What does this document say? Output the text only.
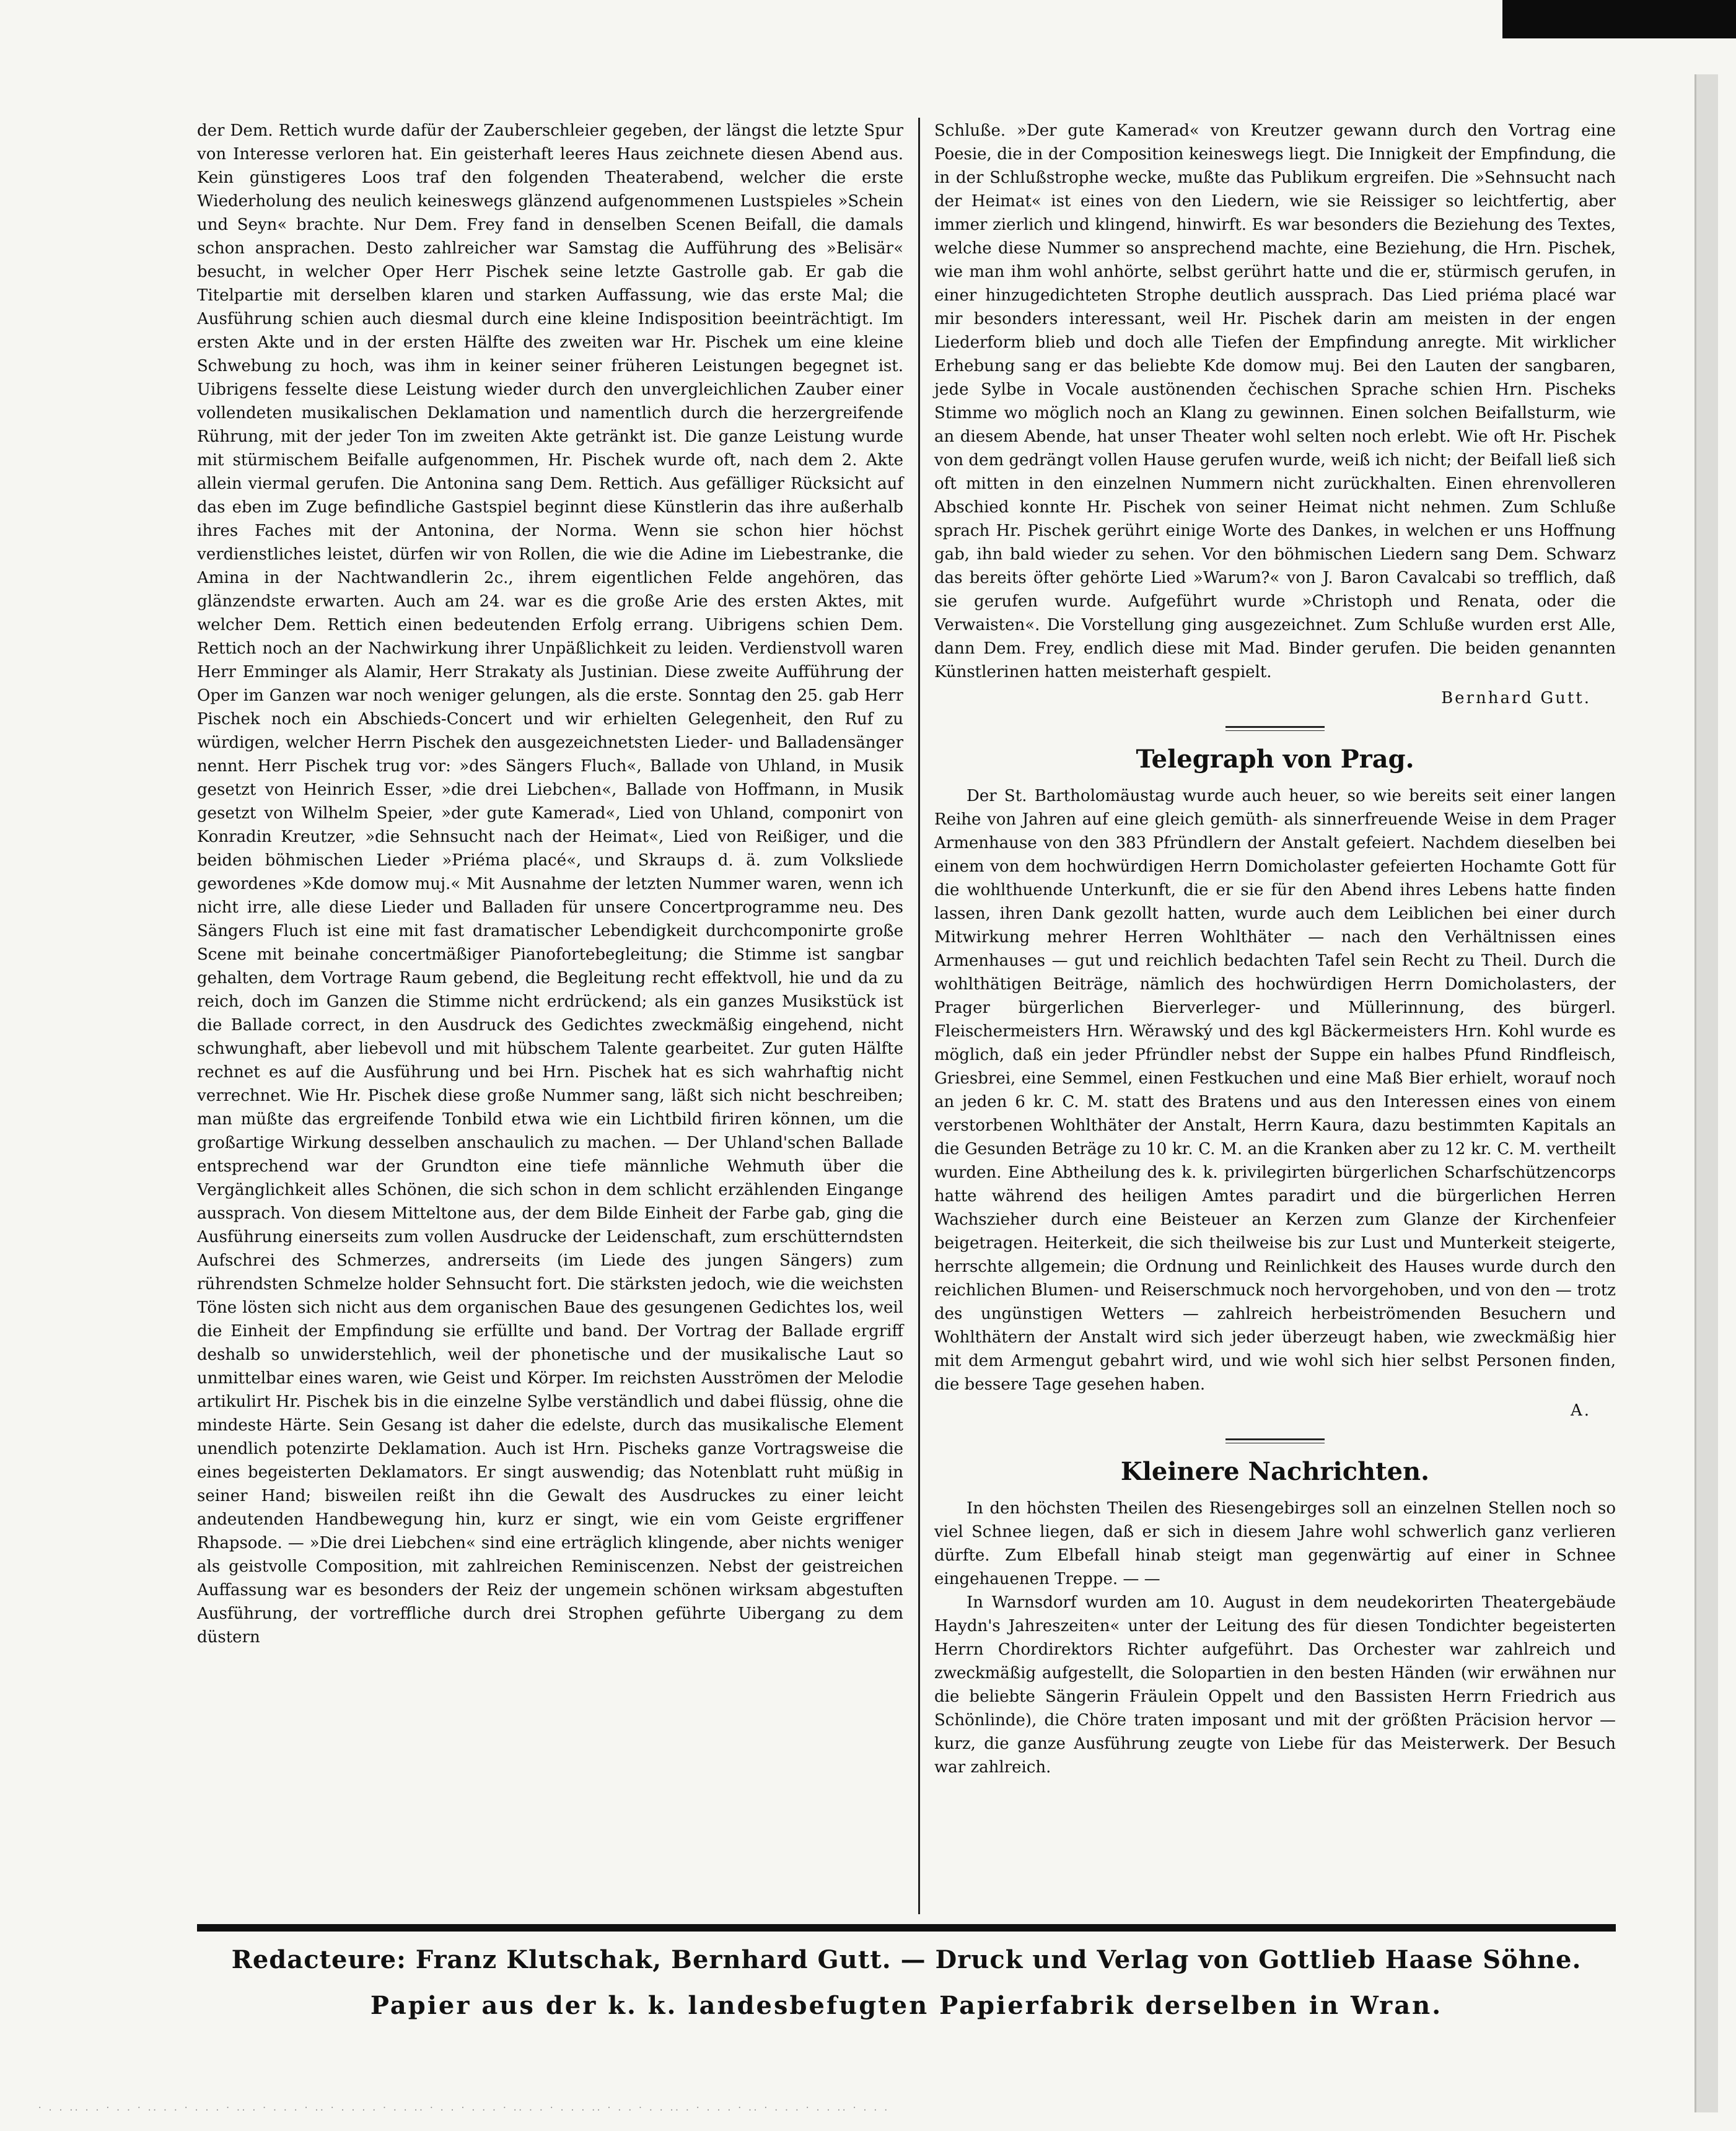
der Dem. Rettich wurde dafür der Zauberschleier gegeben, der längst die letzte Spur von Interesse verloren hat. Ein geisterhaft leeres Haus zeichnete diesen Abend aus. Kein günstigeres Loos traf den folgenden Theaterabend, welcher die erste Wiederholung des neulich keineswegs glänzend aufgenommenen Lustspieles »Schein und Seyn« brachte. Nur Dem. Frey fand in denselben Scenen Beifall, die damals schon ansprachen. Desto zahlreicher war Samstag die Aufführung des »Belisär« besucht, in welcher Oper Herr Pischek seine letzte Gastrolle gab. Er gab die Titelpartie mit derselben klaren und starken Auffassung, wie das erste Mal; die Ausführung schien auch diesmal durch eine kleine Indisposition beeinträchtigt. Im ersten Akte und in der ersten Hälfte des zweiten war Hr. Pischek um eine kleine Schwebung zu hoch, was ihm in keiner seiner früheren Leistungen begegnet ist. Uibrigens fesselte diese Leistung wieder durch den unvergleichlichen Zauber einer vollendeten musikalischen Deklamation und namentlich durch die herzergreifende Rührung, mit der jeder Ton im zweiten Akte getränkt ist. Die ganze Leistung wurde mit stürmischem Beifalle aufgenommen, Hr. Pischek wurde oft, nach dem 2. Akte allein viermal gerufen. Die Antonina sang Dem. Rettich. Aus gefälliger Rücksicht auf das eben im Zuge befindliche Gastspiel beginnt diese Künstlerin das ihre außerhalb ihres Faches mit der Antonina, der Norma. Wenn sie schon hier höchst verdienstliches leistet, dürfen wir von Rollen, die wie die Adine im Liebestranke, die Amina in der Nachtwandlerin 2c., ihrem eigentlichen Felde angehören, das glänzendste erwarten. Auch am 24. war es die große Arie des ersten Aktes, mit welcher Dem. Rettich einen bedeutenden Erfolg errang. Uibrigens schien Dem. Rettich noch an der Nachwirkung ihrer Unpäßlichkeit zu leiden. Verdienstvoll waren Herr Emminger als Alamir, Herr Strakaty als Justinian. Diese zweite Aufführung der Oper im Ganzen war noch weniger gelungen, als die erste. Sonntag den 25. gab Herr Pischek noch ein Abschieds-Concert und wir erhielten Gelegenheit, den Ruf zu würdigen, welcher Herrn Pischek den ausgezeichnetsten Lieder- und Balladensänger nennt. Herr Pischek trug vor: »des Sängers Fluch«, Ballade von Uhland, in Musik gesetzt von Heinrich Esser, »die drei Liebchen«, Ballade von Hoffmann, in Musik gesetzt von Wilhelm Speier, »der gute Kamerad«, Lied von Uhland, componirt von Konradin Kreutzer, »die Sehnsucht nach der Heimat«, Lied von Reißiger, und die beiden böhmischen Lieder »Priéma placé«, und Skraups d. ä. zum Volksliede gewordenes »Kde domow muj.« Mit Ausnahme der letzten Nummer waren, wenn ich nicht irre, alle diese Lieder und Balladen für unsere Concertprogramme neu. Des Sängers Fluch ist eine mit fast dramatischer Lebendigkeit durchcomponirte große Scene mit beinahe concertmäßiger Pianofortebegleitung; die Stimme ist sangbar gehalten, dem Vortrage Raum gebend, die Begleitung recht effektvoll, hie und da zu reich, doch im Ganzen die Stimme nicht erdrückend; als ein ganzes Musikstück ist die Ballade correct, in den Ausdruck des Gedichtes zweckmäßig eingehend, nicht schwunghaft, aber liebevoll und mit hübschem Talente gearbeitet. Zur guten Hälfte rechnet es auf die Ausführung und bei Hrn. Pischek hat es sich wahrhaftig nicht verrechnet. Wie Hr. Pischek diese große Nummer sang, läßt sich nicht beschreiben; man müßte das ergreifende Tonbild etwa wie ein Lichtbild firiren können, um die großartige Wirkung desselben anschaulich zu machen. — Der Uhland'schen Ballade entsprechend war der Grundton eine tiefe männliche Wehmuth über die Vergänglichkeit alles Schönen, die sich schon in dem schlicht erzählenden Eingange aussprach. Von diesem Mitteltone aus, der dem Bilde Einheit der Farbe gab, ging die Ausführung einerseits zum vollen Ausdrucke der Leidenschaft, zum erschütterndsten Aufschrei des Schmerzes, andrerseits (im Liede des jungen Sängers) zum rührendsten Schmelze holder Sehnsucht fort. Die stärksten jedoch, wie die weichsten Töne lösten sich nicht aus dem organischen Baue des gesungenen Gedichtes los, weil die Einheit der Empfindung sie erfüllte und band. Der Vortrag der Ballade ergriff deshalb so unwiderstehlich, weil der phonetische und der musikalische Laut so unmittelbar eines waren, wie Geist und Körper. Im reichsten Ausströmen der Melodie artikulirt Hr. Pischek bis in die einzelne Sylbe verständlich und dabei flüssig, ohne die mindeste Härte. Sein Gesang ist daher die edelste, durch das musikalische Element unendlich potenzirte Deklamation. Auch ist Hrn. Pischeks ganze Vortragsweise die eines begeisterten Deklamators. Er singt auswendig; das Notenblatt ruht müßig in seiner Hand; bisweilen reißt ihn die Gewalt des Ausdruckes zu einer leicht andeutenden Handbewegung hin, kurz er singt, wie ein vom Geiste ergriffener Rhapsode. — »Die drei Liebchen« sind eine erträglich klingende, aber nichts weniger als geistvolle Composition, mit zahlreichen Reminiscenzen. Nebst der geistreichen Auffassung war es besonders der Reiz der ungemein schönen wirksam abgestuften Ausführung, der vortreffliche durch drei Strophen geführte Uibergang zu dem düstern

Schluße. »Der gute Kamerad« von Kreutzer gewann durch den Vortrag eine Poesie, die in der Composition keineswegs liegt. Die Innigkeit der Empfindung, die in der Schlußstrophe wecke, mußte das Publikum ergreifen. Die »Sehnsucht nach der Heimat« ist eines von den Liedern, wie sie Reissiger so leichtfertig, aber immer zierlich und klingend, hinwirft. Es war besonders die Beziehung des Textes, welche diese Nummer so ansprechend machte, eine Beziehung, die Hrn. Pischek, wie man ihm wohl anhörte, selbst gerührt hatte und die er, stürmisch gerufen, in einer hinzugedichteten Strophe deutlich aussprach. Das Lied priéma placé war mir besonders interessant, weil Hr. Pischek darin am meisten in der engen Liederform blieb und doch alle Tiefen der Empfindung anregte. Mit wirklicher Erhebung sang er das beliebte Kde domow muj. Bei den Lauten der sangbaren, jede Sylbe in Vocale austönenden čechischen Sprache schien Hrn. Pischeks Stimme wo möglich noch an Klang zu gewinnen. Einen solchen Beifallsturm, wie an diesem Abende, hat unser Theater wohl selten noch erlebt. Wie oft Hr. Pischek von dem gedrängt vollen Hause gerufen wurde, weiß ich nicht; der Beifall ließ sich oft mitten in den einzelnen Nummern nicht zurückhalten. Einen ehrenvolleren Abschied konnte Hr. Pischek von seiner Heimat nicht nehmen. Zum Schluße sprach Hr. Pischek gerührt einige Worte des Dankes, in welchen er uns Hoffnung gab, ihn bald wieder zu sehen. Vor den böhmischen Liedern sang Dem. Schwarz das bereits öfter gehörte Lied »Warum?« von J. Baron Cavalcabi so trefflich, daß sie gerufen wurde. Aufgeführt wurde »Christoph und Renata, oder die Verwaisten«. Die Vorstellung ging ausgezeichnet. Zum Schluße wurden erst Alle, dann Dem. Frey, endlich diese mit Mad. Binder gerufen. Die beiden genannten Künstlerinen hatten meisterhaft gespielt.

Bernhard Gutt.

Telegraph von Prag.

Der St. Bartholomäustag wurde auch heuer, so wie bereits seit einer langen Reihe von Jahren auf eine gleich gemüth- als sinnerfreuende Weise in dem Prager Armenhause von den 383 Pfründlern der Anstalt gefeiert. Nachdem dieselben bei einem von dem hochwürdigen Herrn Domicholaster gefeierten Hochamte Gott für die wohlthuende Unterkunft, die er sie für den Abend ihres Lebens hatte finden lassen, ihren Dank gezollt hatten, wurde auch dem Leiblichen bei einer durch Mitwirkung mehrer Herren Wohlthäter — nach den Verhältnissen eines Armenhauses — gut und reichlich bedachten Tafel sein Recht zu Theil. Durch die wohlthätigen Beiträge, nämlich des hochwürdigen Herrn Domicholasters, der Prager bürgerlichen Bierverleger- und Müllerinnung, des bürgerl. Fleischermeisters Hrn. Wěrawský und des kgl Bäckermeisters Hrn. Kohl wurde es möglich, daß ein jeder Pfründler nebst der Suppe ein halbes Pfund Rindfleisch, Griesbrei, eine Semmel, einen Festkuchen und eine Maß Bier erhielt, worauf noch an jeden 6 kr. C. M. statt des Bratens und aus den Interessen eines von einem verstorbenen Wohlthäter der Anstalt, Herrn Kaura, dazu bestimmten Kapitals an die Gesunden Beträge zu 10 kr. C. M. an die Kranken aber zu 12 kr. C. M. vertheilt wurden. Eine Abtheilung des k. k. privilegirten bürgerlichen Scharfschützencorps hatte während des heiligen Amtes paradirt und die bürgerlichen Herren Wachszieher durch eine Beisteuer an Kerzen zum Glanze der Kirchenfeier beigetragen. Heiterkeit, die sich theilweise bis zur Lust und Munterkeit steigerte, herrschte allgemein; die Ordnung und Reinlichkeit des Hauses wurde durch den reichlichen Blumen- und Reiserschmuck noch hervorgehoben, und von den — trotz des ungünstigen Wetters — zahlreich herbeiströmenden Besuchern und Wohlthätern der Anstalt wird sich jeder überzeugt haben, wie zweckmäßig hier mit dem Armengut gebahrt wird, und wie wohl sich hier selbst Personen finden, die bessere Tage gesehen haben.

A.

Kleinere Nachrichten.

In den höchsten Theilen des Riesengebirges soll an einzelnen Stellen noch so viel Schnee liegen, daß er sich in diesem Jahre wohl schwerlich ganz verlieren dürfte. Zum Elbefall hinab steigt man gegenwärtig auf einer in Schnee eingehauenen Treppe. — —

In Warnsdorf wurden am 10. August in dem neudekorirten Theatergebäude Haydn's Jahreszeiten« unter der Leitung des für diesen Tondichter begeisterten Herrn Chordirektors Richter aufgeführt. Das Orchester war zahlreich und zweckmäßig aufgestellt, die Solopartien in den besten Händen (wir erwähnen nur die beliebte Sängerin Fräulein Oppelt und den Bassisten Herrn Friedrich aus Schönlinde), die Chöre traten imposant und mit der größten Präcision hervor — kurz, die ganze Ausführung zeugte von Liebe für das Meisterwerk. Der Besuch war zahlreich.

Redacteure: Franz Klutschak, Bernhard Gutt. — Druck und Verlag von Gottlieb Haase Söhne.
Papier aus der k. k. landesbefugten Papierfabrik derselben in Wran.
· . . .. . . · . . · .. . . · . . . · .. . · . . . · .. · . . . . · . . .. · . . · . . . · .. . . · . . . .. · . . · . . .. . · . . . · .. · . . . · . . .. · . . .
